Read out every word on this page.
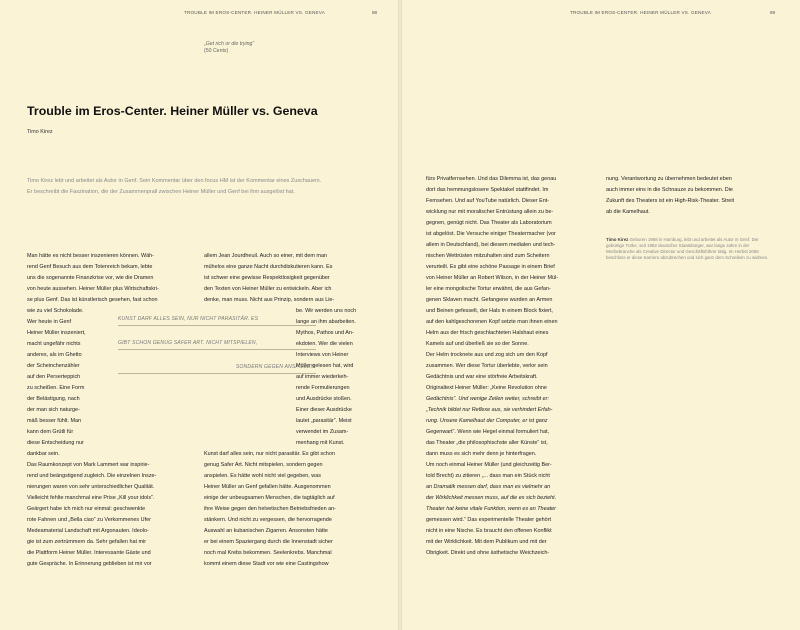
TROUBLE IM EROS-CENTER. HEINER MÜLLER VS. GENEVA	88
„Get rich or die trying“
(50 Cents)
Trouble im Eros-Center. Heiner Müller vs. Geneva
Timo Kirez
Timo Kirez lebt und arbeitet als Autor in Genf. Sein Kommentar über den focus HM ist der Kommentar eines Zuschauers.
Er beschreibt die Faszination, die der Zusammenprall zwischen Heiner Müller und Genf bei ihm ausgelöst hat.
Man hätte es nicht besser inszenieren können. Wäh-
rend Genf Besuch aus dem Totenreich bekam, lebte
uns die sogenannte Finanzkrise vor, wie die Dramen
von heute aussehen. Heiner Müller plus Wirtschaftskri-
se plus Genf. Das ist künstlerisch gesehen, fast schon
wie zu viel Schokolade.
Wer heute in Genf
Heiner Müller inszeniert,
macht ungefähr nichts
anderes, als im Ghetto
der Scheinchenzähler
auf den Perserteppich
zu scheißen. Eine Form
der Belästigung, nach
der man sich naturge-
mäß besser fühlt. Man
kann dem Grütli für
diese Entscheidung nur
dankbar sein.
Das Raumkonzept von Mark Lammert war inspirie-
rend und beängstigend zugleich. Die einzelnen Insze-
nierungen waren von sehr unterschiedlicher Qualität.
Vielleicht fehlte manchmal eine Prise „Kill your idols“.
Geärgert habe ich mich nur einmal: geschwenkte
rote Fahnen und „Bella ciao“ zu Verkommenes Ufer
Medeamaterial Landschaft mit Argonauten. Ideolo-
gie ist zum zertrümmern da. Sehr gefallen hat mir
die Plattform Heiner Müller. Interessante Gäste und
gute Gespräche. In Erinnerung geblieben ist mir vor
allem Jean Jourdheuil. Auch so einer, mit dem man
mühelos eine ganze Nacht durchdiskutieren kann. Es
ist schwer eine gewisse Respektlosigkeit gegenüber
den Texten von Heiner Müller zu entwickeln. Aber ich
denke, man muss. Nicht aus Prinzip, sondern aus Lie-
be. Wir werden uns noch
lange an ihm abarbeiten.
Mythos, Pathos und An-
ekdoten. Wer die vielen
Interviews von Heiner
Müller gelesen hat, wird
auf immer wiederkeh-
rende Formulierungen
und Ausdrücke stoßen.
Einer dieser Ausdrücke
lautet „parasitär“. Meist
verwendet im Zusam-
menhang mit Kunst.
Kunst darf alles sein, nur nicht parasitär. Es gibt schon
genug Safer Art. Nicht mitspielen, sondern gegen
anspielen. Es hätte wohl nicht viel gegeben, was
Heiner Müller an Genf gefallen hätte. Ausgenommen
einige der unbeugsamen Menschen, die tagtäglich auf
ihre Weise gegen den helvetischen Betriebsfrieden an-
stänkern. Und nicht zu vergessen, die hervorragende
Auswahl an kubanischen Zigarren. Ansonsten hätte
er bei einem Spaziergang durch die Innenstadt sicher
noch mal Krebs bekommen. Seelenkrebs. Manchmal
kommt einem diese Stadt vor wie eine Castingshow
KUNST DARF ALLES SEIN, NUR NICHT PARASITÄR. ES
GIBT SCHON GENUG SAFER ART. NICHT MITSPIELEN,
SONDERN GEGEN ANSPIELEN.
TROUBLE IM EROS-CENTER. HEINER MÜLLER VS. GENEVA	89
fürs Privatfernsehen. Und das Dilemma ist, das genau
dort das hemmungslosere Spektakel stattfindet. Im
Fernsehen. Und auf YouTube natürlich. Dieser Ent-
wicklung nur mit moralischer Entrüstung allein zu be-
gegnen, genügt nicht. Das Theater als Laboratorium
ist abgelöst. Die Versuche einiger Theatermacher (vor
allem in Deutschland), bei diesem medialen und tech-
nischen Wettrüsten mitzuhalten sind zum Scheitern
verurteilt. Es gibt eine schöne Passage in einem Brief
von Heiner Müller an Robert Wilson, in der Heiner Mül-
ler eine mongolische Tortur erwähnt, die aus Gefan-
genen Sklaven macht. Gefangene wurden an Armen
und Beinen gefesselt, der Hals in einem Block fixiert,
auf den kahlgeschorenen Kopf setzte man ihnen einen
Helm aus der frisch geschlachteten Halshaut eines
Kamels auf und überließ sie so der Sonne.
Der Helm trocknete aus und zog sich um den Kopf
zusammen. Wer diese Tortur überlebte, verlor sein
Gedächtnis und war eine störfreie Arbeitskraft.
Originaltext Heiner Müller: „Keine Revolution ohne
Gedächtnis“. Und wenige Zeilen weiter, schreibt er:
„Technik bildet nur Reflexe aus, sie verhindert Erfah-
rung. Unsere Kamelhaut der Computer, er ist ganz
Gegenwart“. Wenn wie Hegel einmal formuliert hat,
das Theater „die philosophischste aller Künste“ ist,
dann muss es sich mehr denn je hinterfragen.
Um noch einmal Heiner Müller (und gleichzeitig Ber-
told Brecht) zu zitieren „... dass man ein Stück nicht
an Dramatik messen darf, dass man es vielmehr an
der Wirklichkeit messen muss, auf die es sich bezieht.
Theater hat keine vitale Funktion, wenn es an Theater
gemessen wird.“ Das experimentelle Theater gehört
nicht in eine Nische. Es braucht den offenen Konflikt
mit der Wirklichkeit. Mit dem Publikum und mit der
Obrigkeit. Direkt und ohne ästhetische Weichzeich-
nung. Verantwortung zu übernehmen bedeutet eben
auch immer eins in die Schnauze zu bekommen. Die
Zukunft des Theaters ist ein High-Risk-Theater. Streit
ab die Kamelhaut.
Timo Kirez Geboren 1968 in Hamburg, lebt und arbeitet als Autor in Genf. Der gebürtige Türke, seit 1982 deutscher Staatsbürger, war lange Jahre in der Werbebranche als Creative Director und Geschäftsführer tätig. Im Herbst 2008 beschloss er diese Karriere abzubrechen und sich ganz dem Schreiben zu widmen.
